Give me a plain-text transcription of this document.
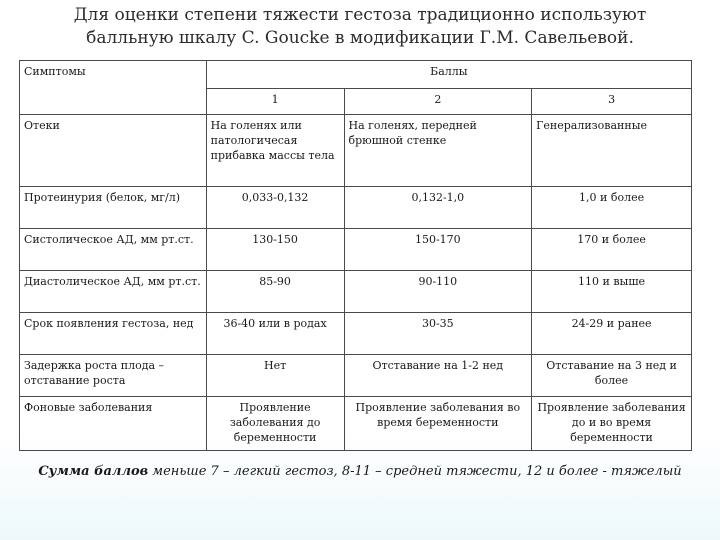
Для оценки степени тяжести гестоза традиционно используют
балльную шкалу C. Goucke в модификации Г.М. Савельевой.
Симптомы	Баллы		
	1	2	3
Отеки	На голенях или патологичесая прибавка массы тела	На голенях, передней брюшной стенке	Генерализованные
Протеинурия (белок, мг/л)	0,033-0,132	0,132-1,0	1,0 и более
Систолическое АД, мм рт.ст.	130-150	150-170	170 и более
Диастолическое АД, мм рт.ст.	85-90	90-110	110 и выше
Срок появления гестоза, нед	36-40 или в родах	30-35	24-29 и ранее
Задержка роста плода – отставание роста	Нет	Отставание на 1-2 нед	Отставание на 3 нед и более
Фоновые заболевания	Проявление заболевания до беременности	Проявление заболевания во время беременности	Проявление заболевания до и во время беременности
Сумма баллов меньше 7 – легкий гестоз, 8-11 – средней тяжести, 12 и более - тяжелый
